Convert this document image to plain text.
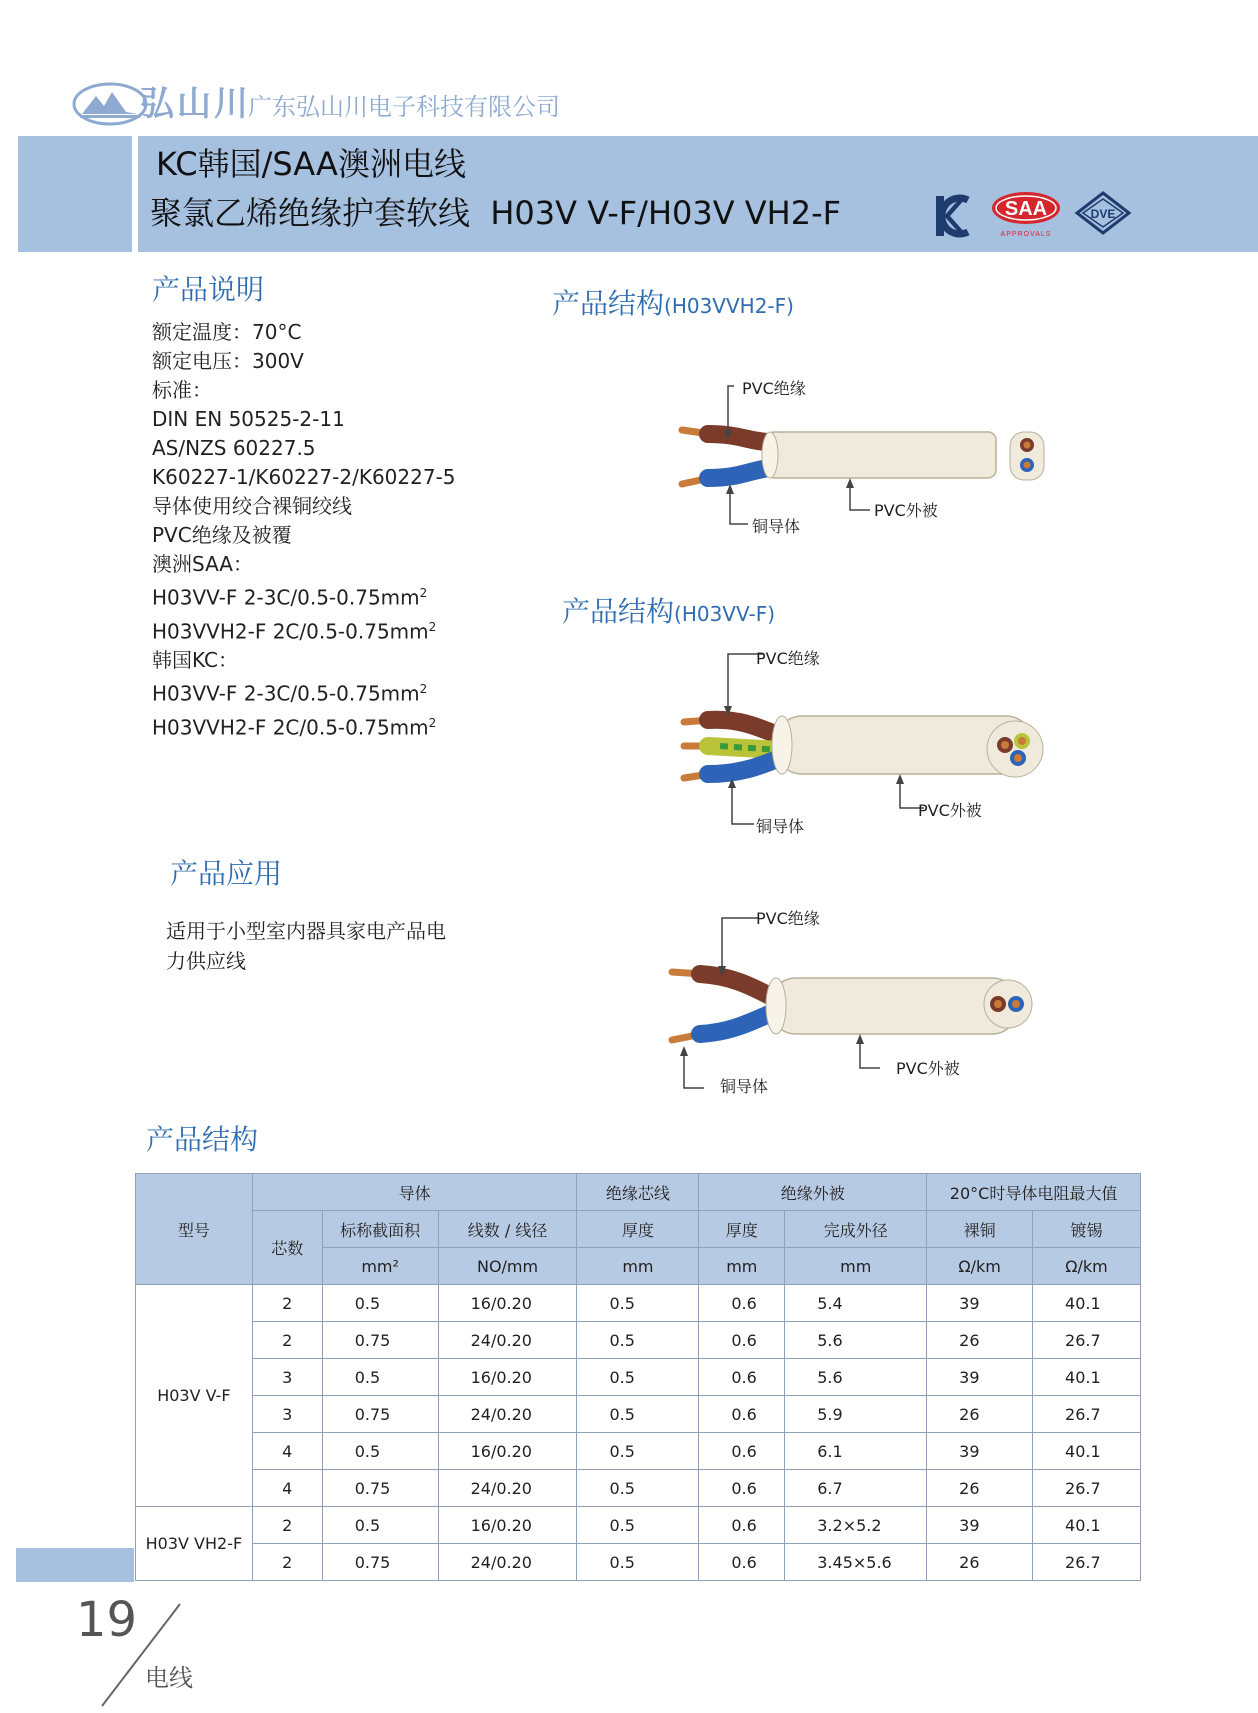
弘山川
广东弘山川电子科技有限公司
KC韩国/SAA澳洲电线
聚氯乙烯绝缘护套软线  H03V V-F/H03V VH2-F	SAA
APPROVALS
DVE
产品说明
额定温度：70°C
额定电压：300V
标准：
DIN EN 50525-2-11
AS/NZS 60227.5
K60227-1/K60227-2/K60227-5
导体使用绞合裸铜绞线
PVC绝缘及被覆
澳洲SAA：
H03VV-F $2-3C/0.5-0.75mm^2$
H03VVH2-F $2C/0.5-0.75mm^2$
韩国KC：
H03VV-F $2-3C/0.5-0.75mm^2$
H03VVH2-F $2C/0.5-0.75mm^2$
产品结构(H03VVH2-F)
PVC绝缘
铜导体
PVC外被
产品结构(H03VV-F)
PVC绝缘
铜导体
PVC外被
PVC绝缘
铜导体
PVC外被
产品应用
适用于小型室内器具家电产品电力供应线
产品结构
型号	导体			绝缘芯线	绝缘外被		20°C时导体电阻最大值	
	芯数	标称截面积	线数 / 线径	厚度	厚度	完成外径	裸铜	镀锡
		mm²	NO/mm	mm	mm	mm	Ω/km	Ω/km
H03V V-F	2	0.5	16/0.20	0.5	0.6	5.4	39	40.1
	2	0.75	24/0.20	0.5	0.6	5.6	26	26.7
	3	0.5	16/0.20	0.5	0.6	5.6	39	40.1
	3	0.75	24/0.20	0.5	0.6	5.9	26	26.7
	4	0.5	16/0.20	0.5	0.6	6.1	39	40.1
	4	0.75	24/0.20	0.5	0.6	6.7	26	26.7
H03V VH2-F	2	0.5	16/0.20	0.5	0.6	3.2×5.2	39	40.1
	2	0.75	24/0.20	0.5	0.6	3.45×5.6	26	26.7
19
电线
